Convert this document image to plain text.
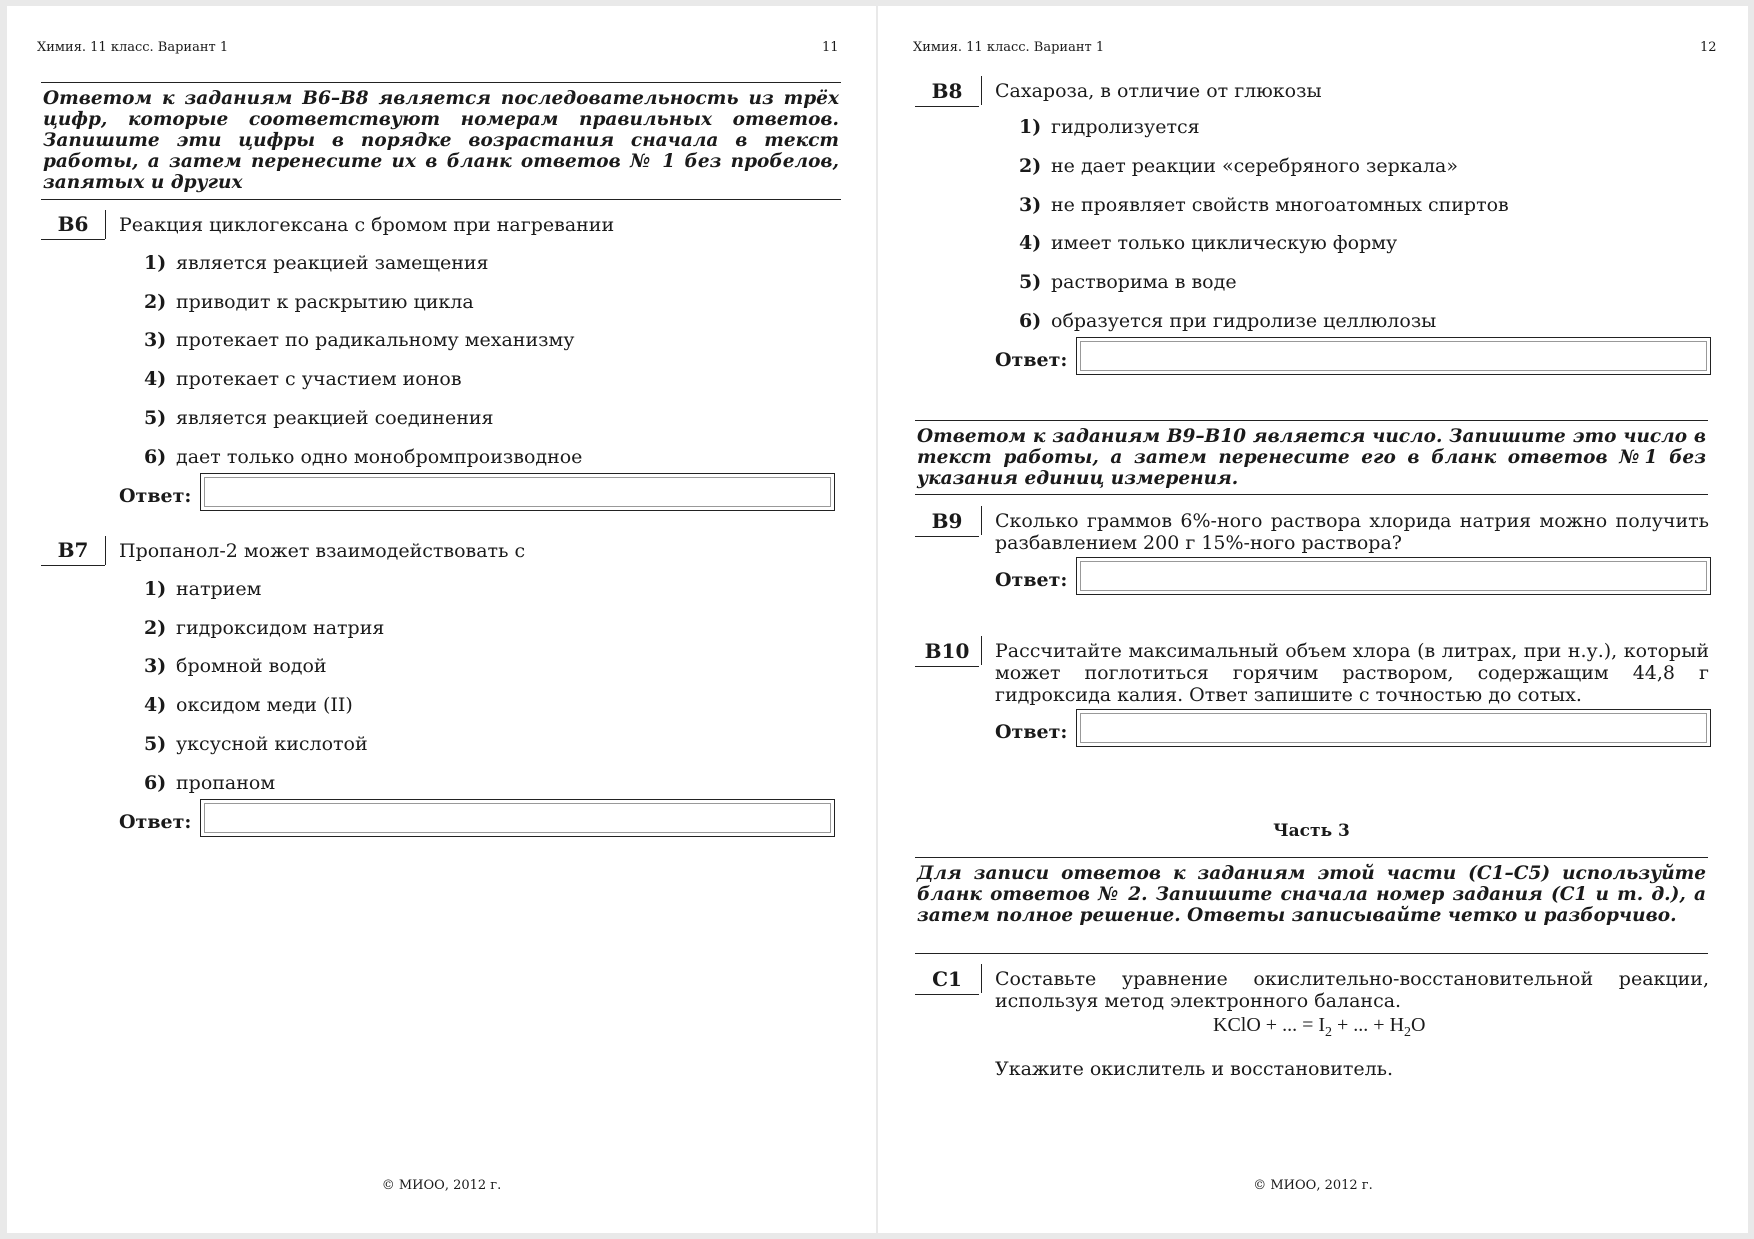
Химия. 11 класс. Вариант 1	11
Ответом к заданиям В6–В8 является последовательность из трёх цифр, которые соответствуют номерам правильных ответов. Запишите эти цифры в порядке возрастания сначала в текст работы, а затем перенесите их в бланк ответов № 1 без пробелов, запятых и других
В6	Реакция циклогексана с бромом при нагревании
1) является реакцией замещения
2) приводит к раскрытию цикла
3) протекает по радикальному механизму
4) протекает с участием ионов
5) является реакцией соединения
6) дает только одно монобромпроизводное
Ответ:
В7	Пропанол-2 может взаимодействовать с
1) натрием
2) гидроксидом натрия
3) бромной водой
4) оксидом меди (II)
5) уксусной кислотой
6) пропаном
Ответ:
© МИОО, 2012 г.
Химия. 11 класс. Вариант 1	12
В8	Сахароза, в отличие от глюкозы
1) гидролизуется
2) не дает реакции «серебряного зеркала»
3) не проявляет свойств многоатомных спиртов
4) имеет только циклическую форму
5) растворима в воде
6) образуется при гидролизе целлюлозы
Ответ:
Ответом к заданиям В9–В10 является число. Запишите это число в текст работы, а затем перенесите его в бланк ответов №1 без указания единиц измерения.
В9	Сколько граммов 6%-ного раствора хлорида натрия можно получить разбавлением 200 г 15%-ного раствора?
Ответ:
В10	Рассчитайте максимальный объем хлора (в литрах, при н.у.), который может поглотиться горячим раствором, содержащим 44,8 г гидроксида калия. Ответ запишите с точностью до сотых.
Ответ:
Часть 3
Для записи ответов к заданиям этой части (С1–С5) используйте бланк ответов № 2. Запишите сначала номер задания (С1 и т. д.), а затем полное решение. Ответы записывайте четко и разборчиво.
С1	Составьте уравнение окислительно-восстановительной реакции, используя метод электронного баланса.
KClO + ... = $I_2$ + ... + $H_2O$
Укажите окислитель и восстановитель.
© МИОО, 2012 г.
